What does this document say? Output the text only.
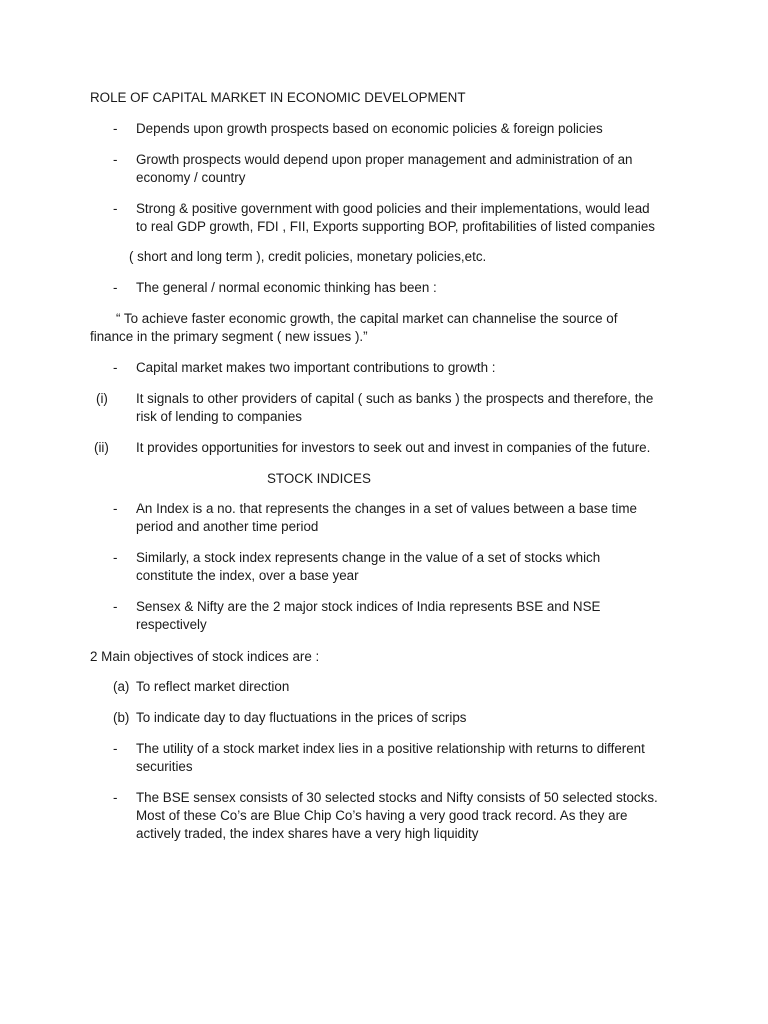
ROLE OF CAPITAL MARKET IN ECONOMIC DEVELOPMENT
-	Depends upon growth prospects based on economic policies & foreign policies
-	Growth prospects would depend upon proper management and administration of an
economy / country
-	Strong & positive government with good policies and their implementations, would lead
to real GDP growth, FDI , FII, Exports supporting BOP, profitabilities of listed companies
( short and long term ), credit policies, monetary policies,etc.
-	The general / normal economic thinking has been :
“ To achieve faster economic growth, the capital market can channelise the source of
finance in the primary segment ( new issues ).”
-	Capital market makes two important contributions to growth :
(i)	It signals to other providers of capital ( such as banks ) the prospects and therefore, the
risk of lending to companies
(ii)	It provides opportunities for investors to seek out and invest in companies of the future.
STOCK INDICES
-	An Index is a no. that represents the changes in a set of values between a base time
period and another time period
-	Similarly, a stock index represents change in the value of a set of stocks which
constitute the index, over a base year
-	Sensex & Nifty are the 2 major stock indices of India represents BSE and NSE
respectively
2 Main objectives of stock indices are :
(a) To reflect market direction
(b) To indicate day to day fluctuations in the prices of scrips
-	The utility of a stock market index lies in a positive relationship with returns to different
securities
-	The BSE sensex consists of 30 selected stocks and Nifty consists of 50 selected stocks.
Most of these Co’s are Blue Chip Co’s having a very good track record. As they are
actively traded, the index shares have a very high liquidity
